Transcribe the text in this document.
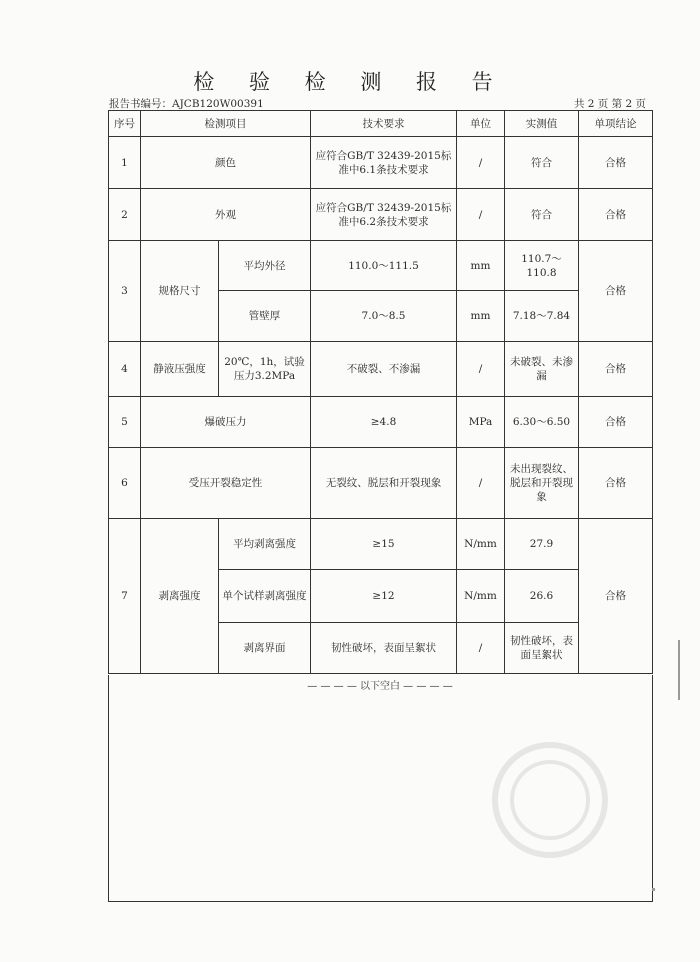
检 验 检 测 报 告
报告书编号：AJCB120W00391	共 2 页 第 2 页
序号	检测项目		技术要求	单位	实测值	单项结论
1	颜色		应符合GB/T 32439-2015标准中6.1条技术要求	/	符合	合格
2	外观		应符合GB/T 32439-2015标准中6.2条技术要求	/	符合	合格
3	规格尺寸	平均外径	110.0～111.5	mm	110.7～110.8	合格
		管壁厚	7.0～8.5	mm	7.18～7.84	
4	静液压强度	20℃，1h，试验压力3.2MPa	不破裂、不渗漏	/	未破裂、未渗漏	合格
5	爆破压力		≥4.8	MPa	6.30～6.50	合格
6	受压开裂稳定性		无裂纹、脱层和开裂现象	/	未出现裂纹、脱层和开裂现象	合格
7	剥离强度	平均剥离强度	≥15	N/mm	27.9	合格
		单个试样剥离强度	≥12	N/mm	26.6	
		剥离界面	韧性破坏，表面呈絮状	/	韧性破坏，表面呈絮状	
— — — — 以下空白 — — — —
